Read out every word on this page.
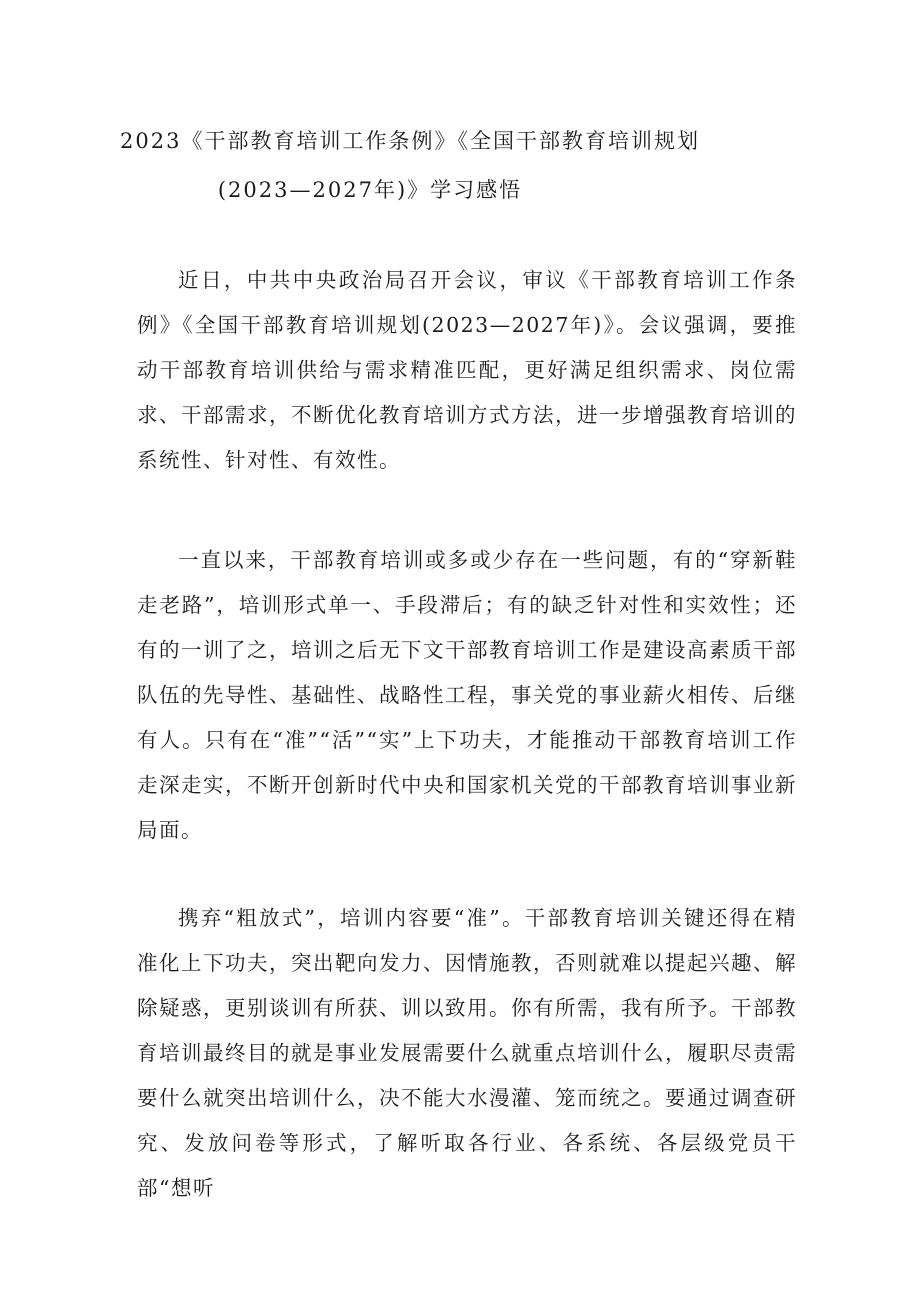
2023《干部教育培训工作条例》《全国干部教育培训规划
(2023—2027年)》学习感悟

近日，中共中央政治局召开会议，审议《干部教育培训工作条例》《全国干部教育培训规划(2023—2027年)》。会议强调，要推动干部教育培训供给与需求精准匹配，更好满足组织需求、岗位需求、干部需求，不断优化教育培训方式方法，进一步增强教育培训的系统性、针对性、有效性。

一直以来，干部教育培训或多或少存在一些问题，有的“穿新鞋走老路”，培训形式单一、手段滞后；有的缺乏针对性和实效性；还有的一训了之，培训之后无下文干部教育培训工作是建设高素质干部队伍的先导性、基础性、战略性工程，事关党的事业薪火相传、后继有人。只有在“准”“活”“实”上下功夫，才能推动干部教育培训工作走深走实，不断开创新时代中央和国家机关党的干部教育培训事业新局面。

携弃“粗放式”，培训内容要“准”。干部教育培训关键还得在精准化上下功夫，突出靶向发力、因情施教，否则就难以提起兴趣、解除疑惑，更别谈训有所获、训以致用。你有所需，我有所予。干部教育培训最终目的就是事业发展需要什么就重点培训什么，履职尽责需要什么就突出培训什么，决不能大水漫灌、笼而统之。要通过调查研究、发放问卷等形式，了解听取各行业、各系统、各层级党员干部“想听
